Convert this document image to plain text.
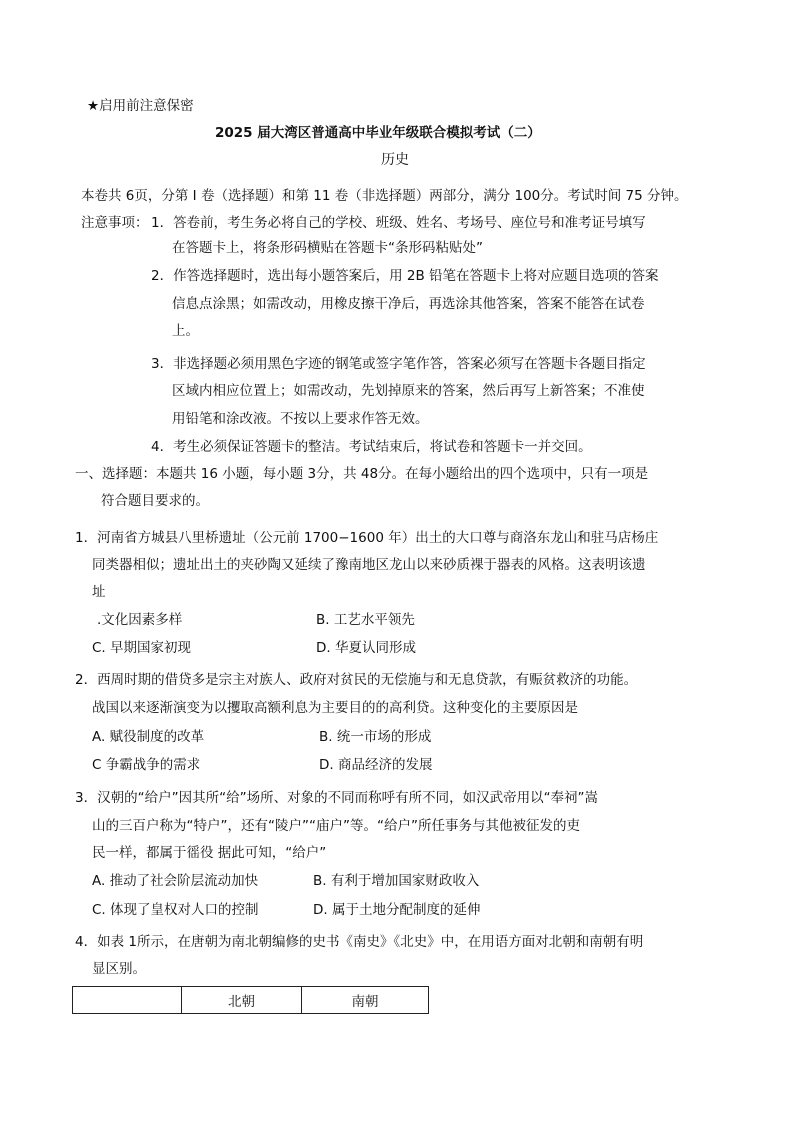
★启用前注意保密
2025 届大湾区普通高中毕业年级联合模拟考试（二）
历史
本卷共 6页，分第 I 卷（选择题）和第 11 卷（非选择题）两部分，满分 100分。考试时间 75 分钟。
注意事项： 1．答卷前，考生务必将自己的学校、班级、姓名、考场号、座位号和准考证号填写
在答题卡上，将条形码横贴在答题卡“条形码粘贴处”
2．作答选择题时，选出每小题答案后，用 2B 铅笔在答题卡上将对应题目选项的答案
信息点涂黑；如需改动，用橡皮擦干净后，再选涂其他答案，答案不能答在试卷
上。
3．非选择题必须用黑色字迹的钢笔或签字笔作答，答案必须写在答题卡各题目指定
区域内相应位置上；如需改动，先划掉原来的答案，然后再写上新答案；不准使
用铅笔和涂改液。不按以上要求作答无效。
4．考生必须保证答题卡的整洁。考试结束后，将试卷和答题卡一并交回。
一、选择题：本题共 16 小题，每小题 3分，共 48分。在每小题给出的四个选项中，只有一项是
符合题目要求的。
1．河南省方城县八里桥遗址（公元前 1700−1600 年）出土的大口尊与商洛东龙山和驻马店杨庄
同类器相似；遗址出土的夹砂陶又延续了豫南地区龙山以来砂质裸于器表的风格。这表明该遗
址
.文化因素多样	B. 工艺水平领先
C. 早期国家初现	D. 华夏认同形成
2．西周时期的借贷多是宗主对族人、政府对贫民的无偿施与和无息贷款，有赈贫救济的功能。
战国以来逐渐演变为以攫取高额利息为主要目的的高利贷。这种变化的主要原因是
A. 赋役制度的改革	B. 统一市场的形成
C 争霸战争的需求	D. 商品经济的发展
3．汉朝的“给户”因其所“给”场所、对象的不同而称呼有所不同，如汉武帝用以“奉祠”嵩
山的三百户称为“特户”，还有“陵户”“庙户”等。“给户”所任事务与其他被征发的吏
民一样，都属于徭役 据此可知，“给户”
A. 推动了社会阶层流动加快	B. 有利于增加国家财政收入
C. 体现了皇权对人口的控制	D. 属于土地分配制度的延伸
4．如表 1所示，在唐朝为南北朝编修的史书《南史》《北史》中，在用语方面对北朝和南朝有明
显区别。
	北朝	南朝
